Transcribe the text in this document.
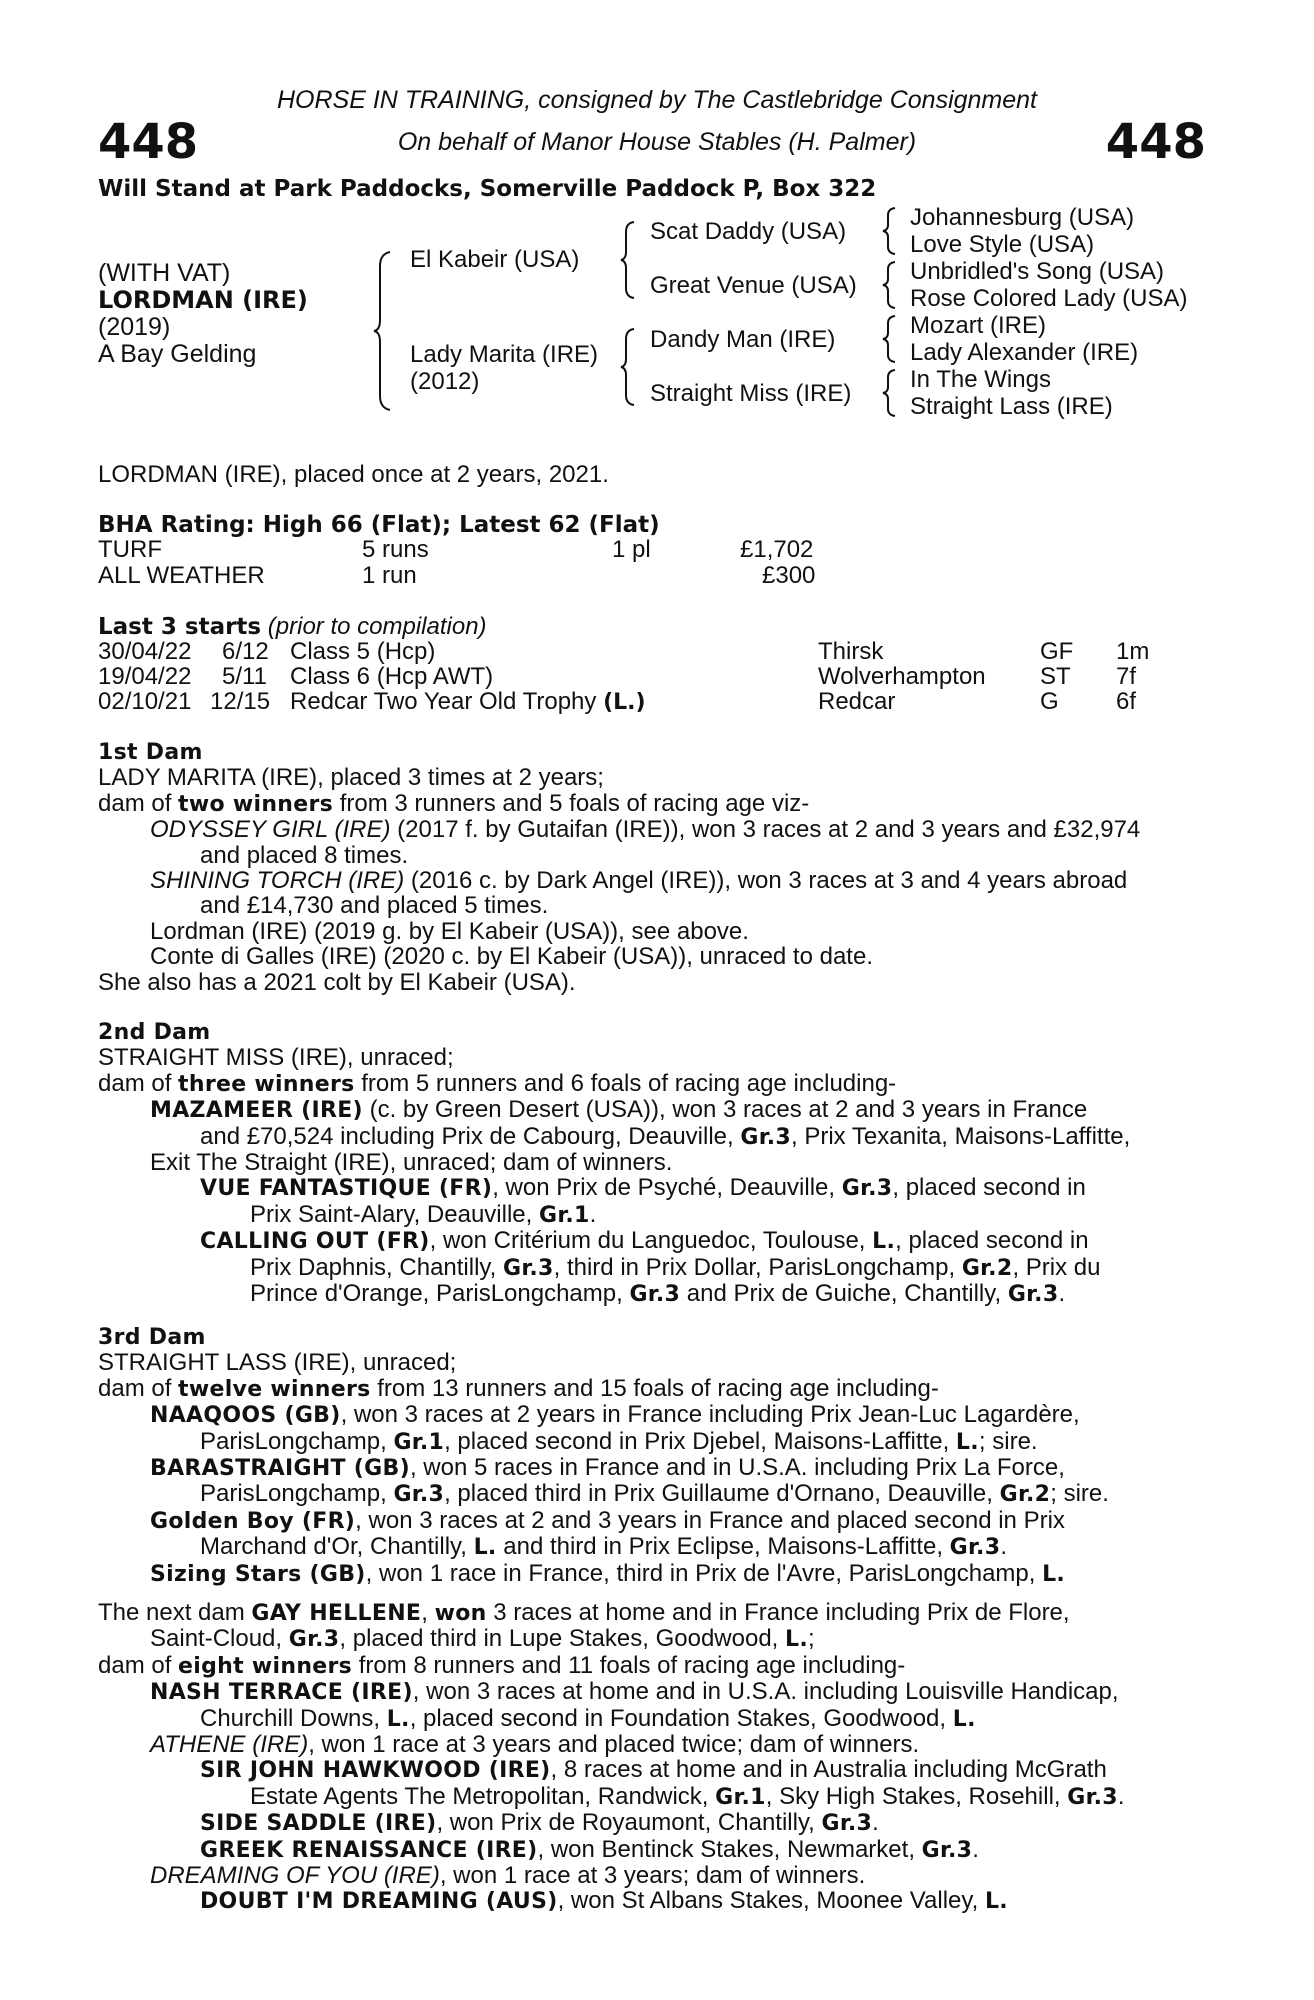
448	448
HORSE IN TRAINING, consigned by The Castlebridge Consignment
On behalf of Manor House Stables (H. Palmer)
Will Stand at Park Paddocks, Somerville Paddock P, Box 322
(WITH VAT)
LORDMAN (IRE)
(2019)
A Bay Gelding
El Kabeir (USA)
Lady Marita (IRE)
(2012)
Scat Daddy (USA)
Great Venue (USA)
Dandy Man (IRE)
Straight Miss (IRE)
Johannesburg (USA)
Love Style (USA)
Unbridled's Song (USA)
Rose Colored Lady (USA)
Mozart (IRE)
Lady Alexander (IRE)
In The Wings
Straight Lass (IRE)
LORDMAN (IRE), placed once at 2 years, 2021.
BHA Rating: High 66 (Flat); Latest 62 (Flat)
TURF	5 runs	1 pl	£1,702
ALL WEATHER	1 run	£300
Last 3 starts (prior to compilation)
30/04/22 6/12 Class 5 (Hcp)	Thirsk	GF 1m
19/04/22 5/11 Class 6 (Hcp AWT)	Wolverhampton ST 7f
02/10/21 12/15 Redcar Two Year Old Trophy (L.)	Redcar	G 6f
1st Dam
LADY MARITA (IRE), placed 3 times at 2 years;
dam of two winners from 3 runners and 5 foals of racing age viz-
ODYSSEY GIRL (IRE) (2017 f. by Gutaifan (IRE)), won 3 races at 2 and 3 years and £32,974
and placed 8 times.
SHINING TORCH (IRE) (2016 c. by Dark Angel (IRE)), won 3 races at 3 and 4 years abroad
and £14,730 and placed 5 times.
Lordman (IRE) (2019 g. by El Kabeir (USA)), see above.
Conte di Galles (IRE) (2020 c. by El Kabeir (USA)), unraced to date.
She also has a 2021 colt by El Kabeir (USA).
2nd Dam
STRAIGHT MISS (IRE), unraced;
dam of three winners from 5 runners and 6 foals of racing age including-
MAZAMEER (IRE) (c. by Green Desert (USA)), won 3 races at 2 and 3 years in France
and £70,524 including Prix de Cabourg, Deauville, Gr.3, Prix Texanita, Maisons-Laffitte,
Exit The Straight (IRE), unraced; dam of winners.
VUE FANTASTIQUE (FR), won Prix de Psyché, Deauville, Gr.3, placed second in
Prix Saint-Alary, Deauville, Gr.1.
CALLING OUT (FR), won Critérium du Languedoc, Toulouse, L., placed second in
Prix Daphnis, Chantilly, Gr.3, third in Prix Dollar, ParisLongchamp, Gr.2, Prix du
Prince d'Orange, ParisLongchamp, Gr.3 and Prix de Guiche, Chantilly, Gr.3.
3rd Dam
STRAIGHT LASS (IRE), unraced;
dam of twelve winners from 13 runners and 15 foals of racing age including-
NAAQOOS (GB), won 3 races at 2 years in France including Prix Jean-Luc Lagardère,
ParisLongchamp, Gr.1, placed second in Prix Djebel, Maisons-Laffitte, L.; sire.
BARASTRAIGHT (GB), won 5 races in France and in U.S.A. including Prix La Force,
ParisLongchamp, Gr.3, placed third in Prix Guillaume d'Ornano, Deauville, Gr.2; sire.
Golden Boy (FR), won 3 races at 2 and 3 years in France and placed second in Prix
Marchand d'Or, Chantilly, L. and third in Prix Eclipse, Maisons-Laffitte, Gr.3.
Sizing Stars (GB), won 1 race in France, third in Prix de l'Avre, ParisLongchamp, L.
The next dam GAY HELLENE, won 3 races at home and in France including Prix de Flore,
Saint-Cloud, Gr.3, placed third in Lupe Stakes, Goodwood, L.;
dam of eight winners from 8 runners and 11 foals of racing age including-
NASH TERRACE (IRE), won 3 races at home and in U.S.A. including Louisville Handicap,
Churchill Downs, L., placed second in Foundation Stakes, Goodwood, L.
ATHENE (IRE), won 1 race at 3 years and placed twice; dam of winners.
SIR JOHN HAWKWOOD (IRE), 8 races at home and in Australia including McGrath
Estate Agents The Metropolitan, Randwick, Gr.1, Sky High Stakes, Rosehill, Gr.3.
SIDE SADDLE (IRE), won Prix de Royaumont, Chantilly, Gr.3.
GREEK RENAISSANCE (IRE), won Bentinck Stakes, Newmarket, Gr.3.
DREAMING OF YOU (IRE), won 1 race at 3 years; dam of winners.
DOUBT I'M DREAMING (AUS), won St Albans Stakes, Moonee Valley, L.
